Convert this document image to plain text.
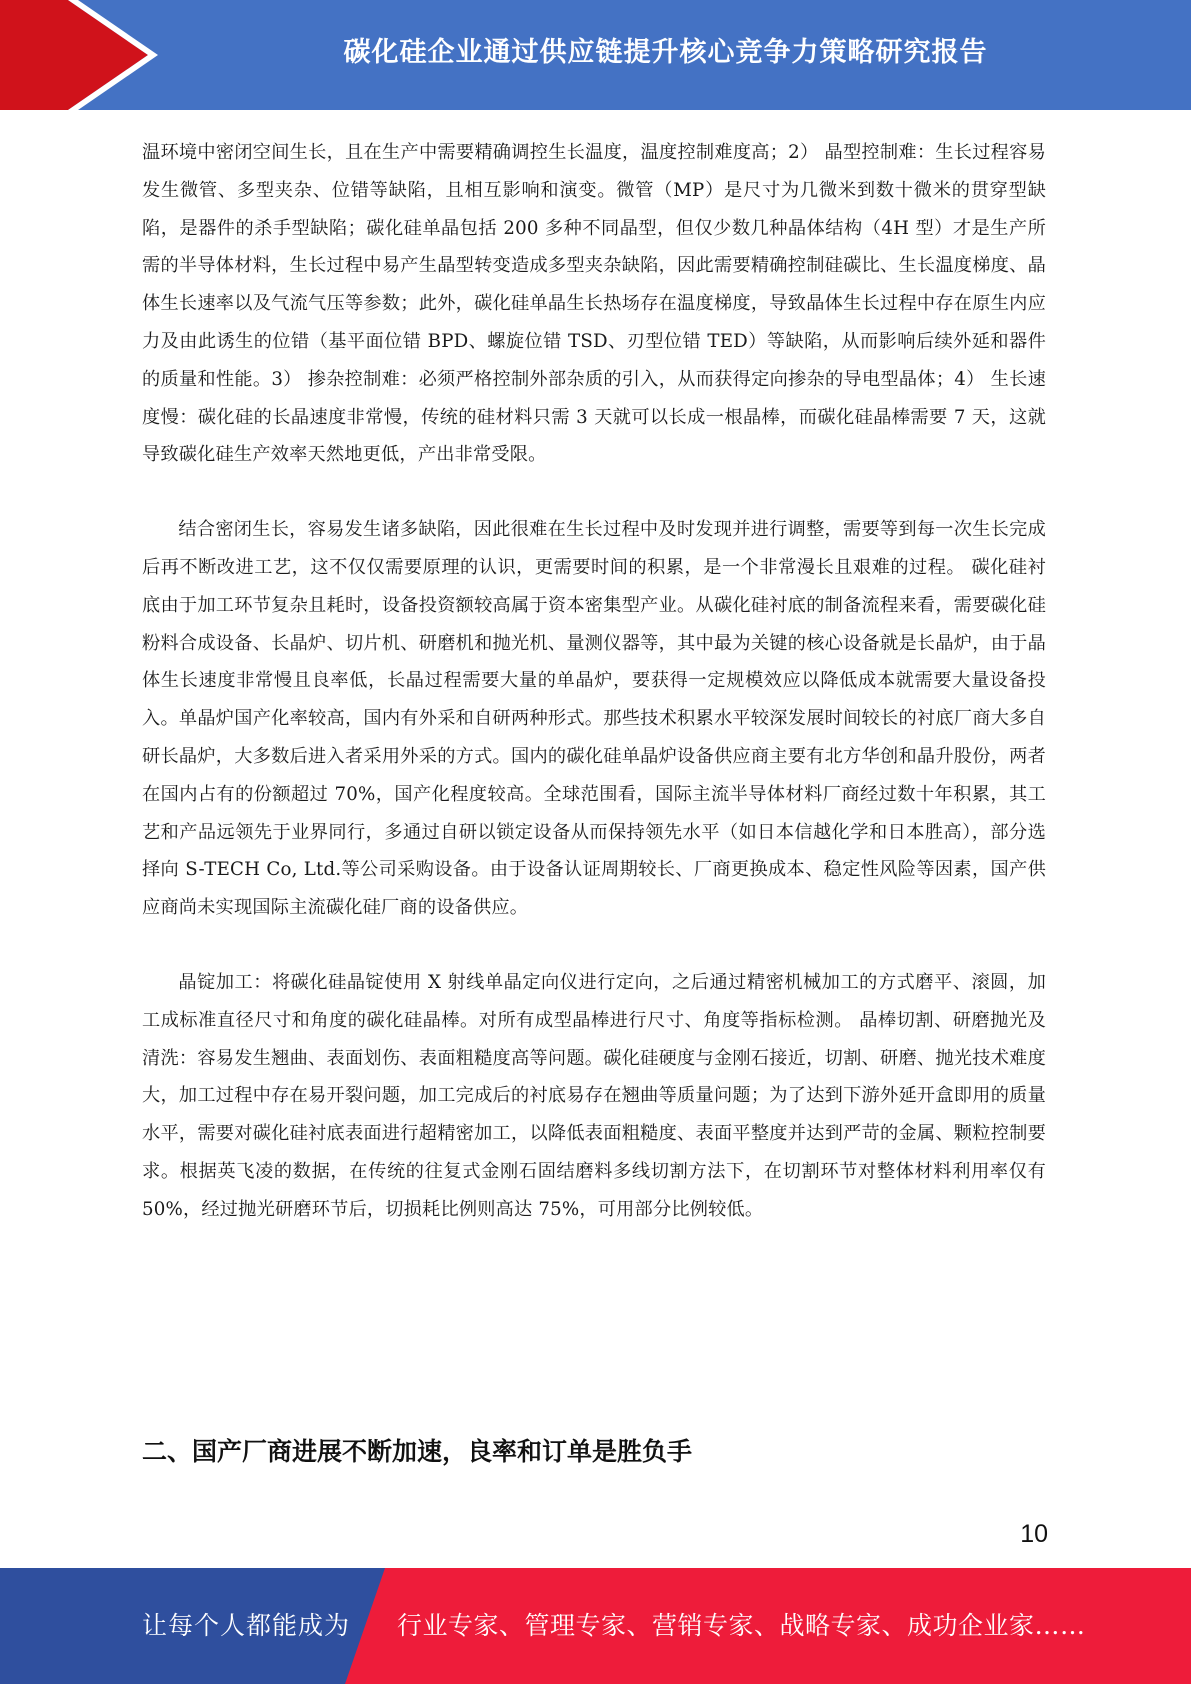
碳化硅企业通过供应链提升核心竞争力策略研究报告

温环境中密闭空间生长，且在生产中需要精确调控生长温度，温度控制难度高；2） 晶型控制难：生长过程容易发生微管、多型夹杂、位错等缺陷，且相互影响和演变。微管（MP）是尺寸为几微米到数十微米的贯穿型缺陷，是器件的杀手型缺陷；碳化硅单晶包括 200 多种不同晶型，但仅少数几种晶体结构（4H 型）才是生产所需的半导体材料，生长过程中易产生晶型转变造成多型夹杂缺陷，因此需要精确控制硅碳比、生长温度梯度、晶体生长速率以及气流气压等参数；此外，碳化硅单晶生长热场存在温度梯度，导致晶体生长过程中存在原生内应力及由此诱生的位错（基平面位错 BPD、螺旋位错 TSD、刃型位错 TED）等缺陷，从而影响后续外延和器件的质量和性能。3） 掺杂控制难：必须严格控制外部杂质的引入，从而获得定向掺杂的导电型晶体；4） 生长速度慢：碳化硅的长晶速度非常慢，传统的硅材料只需 3 天就可以长成一根晶棒，而碳化硅晶棒需要 7 天，这就导致碳化硅生产效率天然地更低，产出非常受限。

结合密闭生长，容易发生诸多缺陷，因此很难在生长过程中及时发现并进行调整，需要等到每一次生长完成后再不断改进工艺，这不仅仅需要原理的认识，更需要时间的积累，是一个非常漫长且艰难的过程。 碳化硅衬底由于加工环节复杂且耗时，设备投资额较高属于资本密集型产业。从碳化硅衬底的制备流程来看，需要碳化硅粉料合成设备、长晶炉、切片机、研磨机和抛光机、量测仪器等，其中最为关键的核心设备就是长晶炉，由于晶体生长速度非常慢且良率低，长晶过程需要大量的单晶炉，要获得一定规模效应以降低成本就需要大量设备投入。单晶炉国产化率较高，国内有外采和自研两种形式。那些技术积累水平较深发展时间较长的衬底厂商大多自研长晶炉，大多数后进入者采用外采的方式。国内的碳化硅单晶炉设备供应商主要有北方华创和晶升股份，两者在国内占有的份额超过 70%，国产化程度较高。全球范围看，国际主流半导体材料厂商经过数十年积累，其工艺和产品远领先于业界同行，多通过自研以锁定设备从而保持领先水平（如日本信越化学和日本胜高），部分选择向 S-TECH Co, Ltd.等公司采购设备。由于设备认证周期较长、厂商更换成本、稳定性风险等因素，国产供应商尚未实现国际主流碳化硅厂商的设备供应。

晶锭加工：将碳化硅晶锭使用 X 射线单晶定向仪进行定向，之后通过精密机械加工的方式磨平、滚圆，加工成标准直径尺寸和角度的碳化硅晶棒。对所有成型晶棒进行尺寸、角度等指标检测。 晶棒切割、研磨抛光及清洗：容易发生翘曲、表面划伤、表面粗糙度高等问题。碳化硅硬度与金刚石接近，切割、研磨、抛光技术难度大，加工过程中存在易开裂问题，加工完成后的衬底易存在翘曲等质量问题；为了达到下游外延开盒即用的质量水平，需要对碳化硅衬底表面进行超精密加工，以降低表面粗糙度、表面平整度并达到严苛的金属、颗粒控制要求。根据英飞凌的数据，在传统的往复式金刚石固结磨料多线切割方法下，在切割环节对整体材料利用率仅有 50%，经过抛光研磨环节后，切损耗比例则高达 75%，可用部分比例较低。

二、国产厂商进展不断加速，良率和订单是胜负手
10
让每个人都能成为 行业专家、管理专家、营销专家、战略专家、成功企业家……
